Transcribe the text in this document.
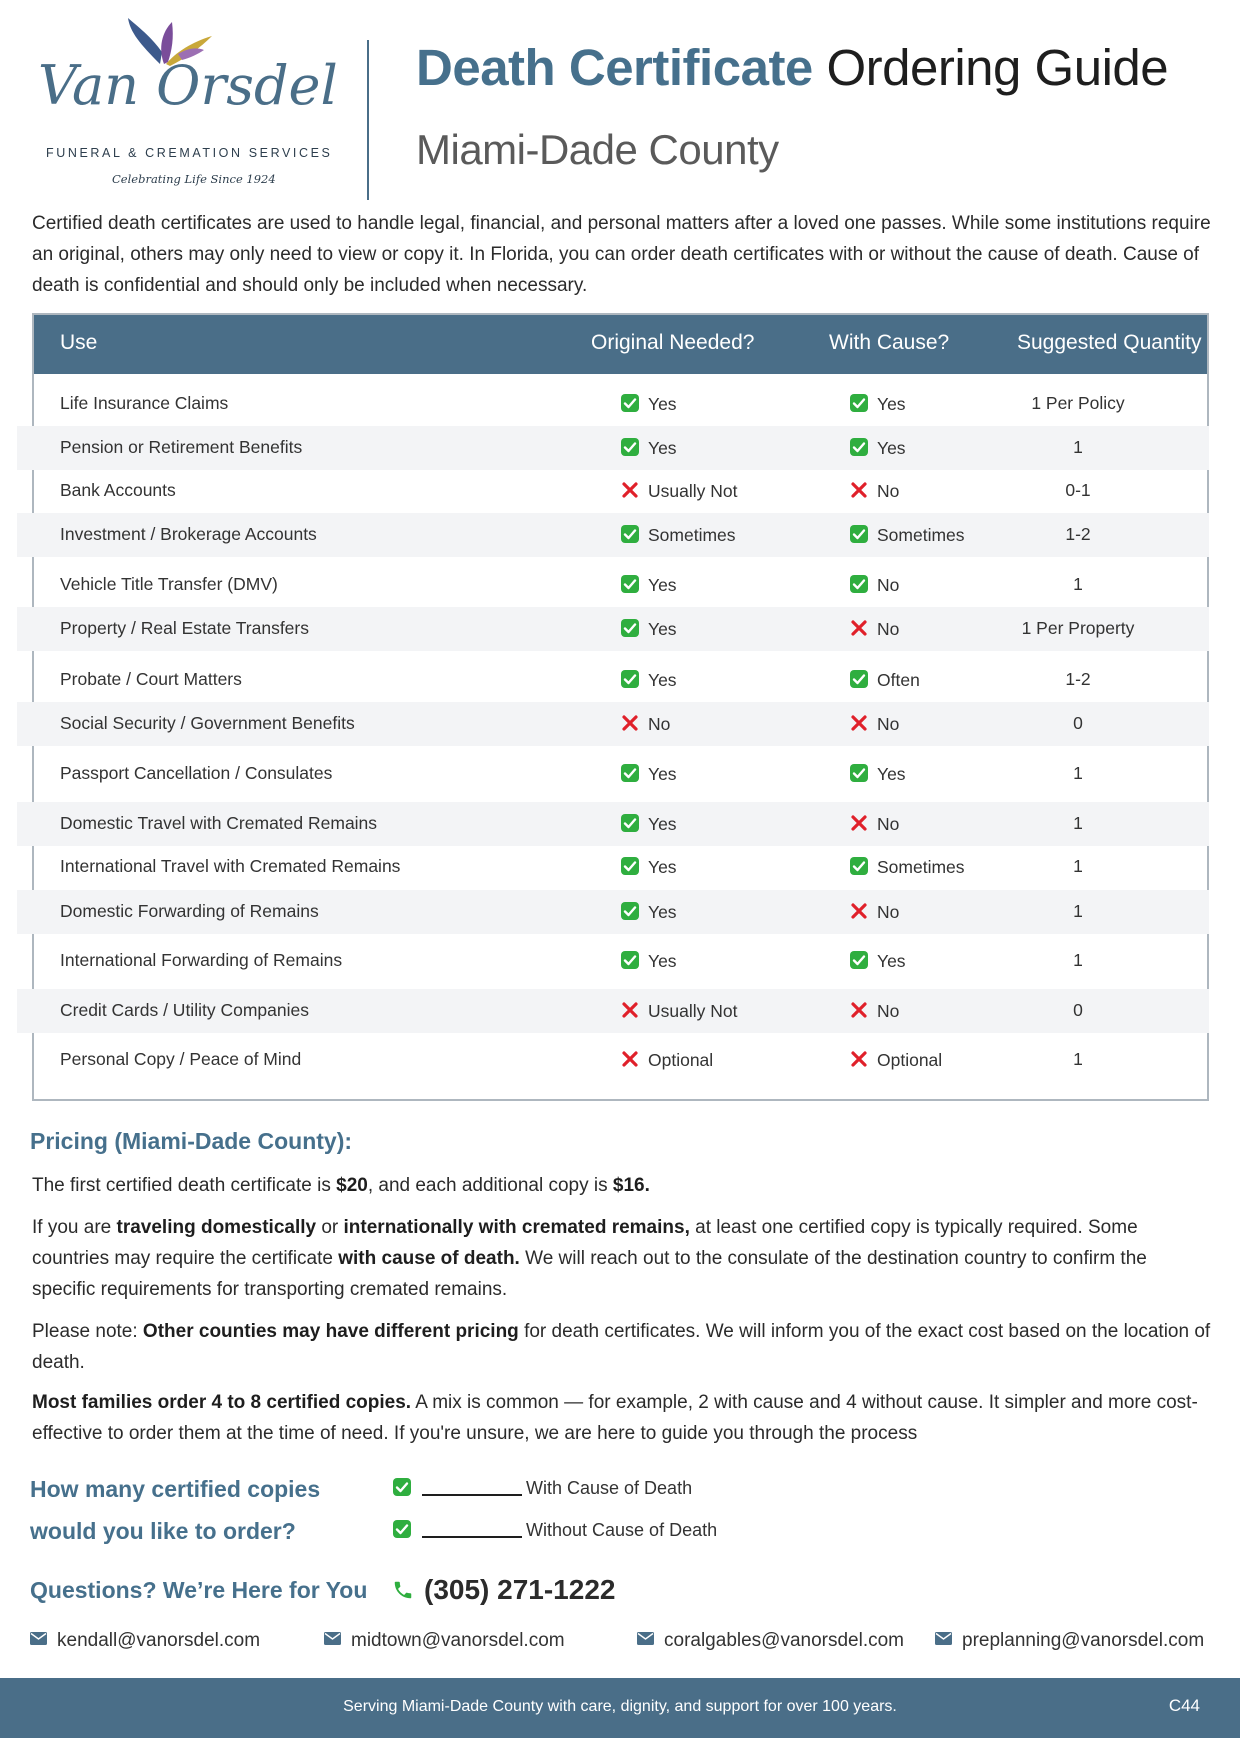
Van Orsdel
FUNERAL & CREMATION SERVICES
Celebrating Life Since 1924
Death Certificate Ordering Guide
Miami-Dade County

Certified death certificates are used to handle legal, financial, and personal matters after a loved one passes. While some institutions require an original, others may only need to view or copy it. In Florida, you can order death certificates with or without the cause of death. Cause of death is confidential and should only be included when necessary.

Use	Original Needed?	With Cause?	Suggested Quantity
Life Insurance Claims	Yes	Yes	1 Per Policy
Pension or Retirement Benefits	Yes	Yes	1
Bank Accounts	Usually Not	No	0-1
Investment / Brokerage Accounts	Sometimes	Sometimes	1-2
Vehicle Title Transfer (DMV)	Yes	No	1
Property / Real Estate Transfers	Yes	No	1 Per Property
Probate / Court Matters	Yes	Often	1-2
Social Security / Government Benefits	No	No	0
Passport Cancellation / Consulates	Yes	Yes	1
Domestic Travel with Cremated Remains	Yes	No	1
International Travel with Cremated Remains	Yes	Sometimes	1
Domestic Forwarding of Remains	Yes	No	1
International Forwarding of Remains	Yes	Yes	1
Credit Cards / Utility Companies	Usually Not	No	0
Personal Copy / Peace of Mind	Optional	Optional	1
Pricing (Miami-Dade County):

The first certified death certificate is $20, and each additional copy is $16.

If you are traveling domestically or internationally with cremated remains, at least one certified copy is typically required. Some countries may require the certificate with cause of death. We will reach out to the consulate of the destination country to confirm the specific requirements for transporting cremated remains.

Please note: Other counties may have different pricing for death certificates. We will inform you of the exact cost based on the location of death.

Most families order 4 to 8 certified copies. A mix is common — for example, 2 with cause and 4 without cause. It simpler and more cost-effective to order them at the time of need. If you're unsure, we are here to guide you through the process

How many certified copies would you like to order?
With Cause of Death
Without Cause of Death
Questions? We’re Here for You	(305) 271-1222
kendall@vanorsdel.com	midtown@vanorsdel.com	coralgables@vanorsdel.com	preplanning@vanorsdel.com
Serving Miami-Dade County with care, dignity, and support for over 100 years.	C44
